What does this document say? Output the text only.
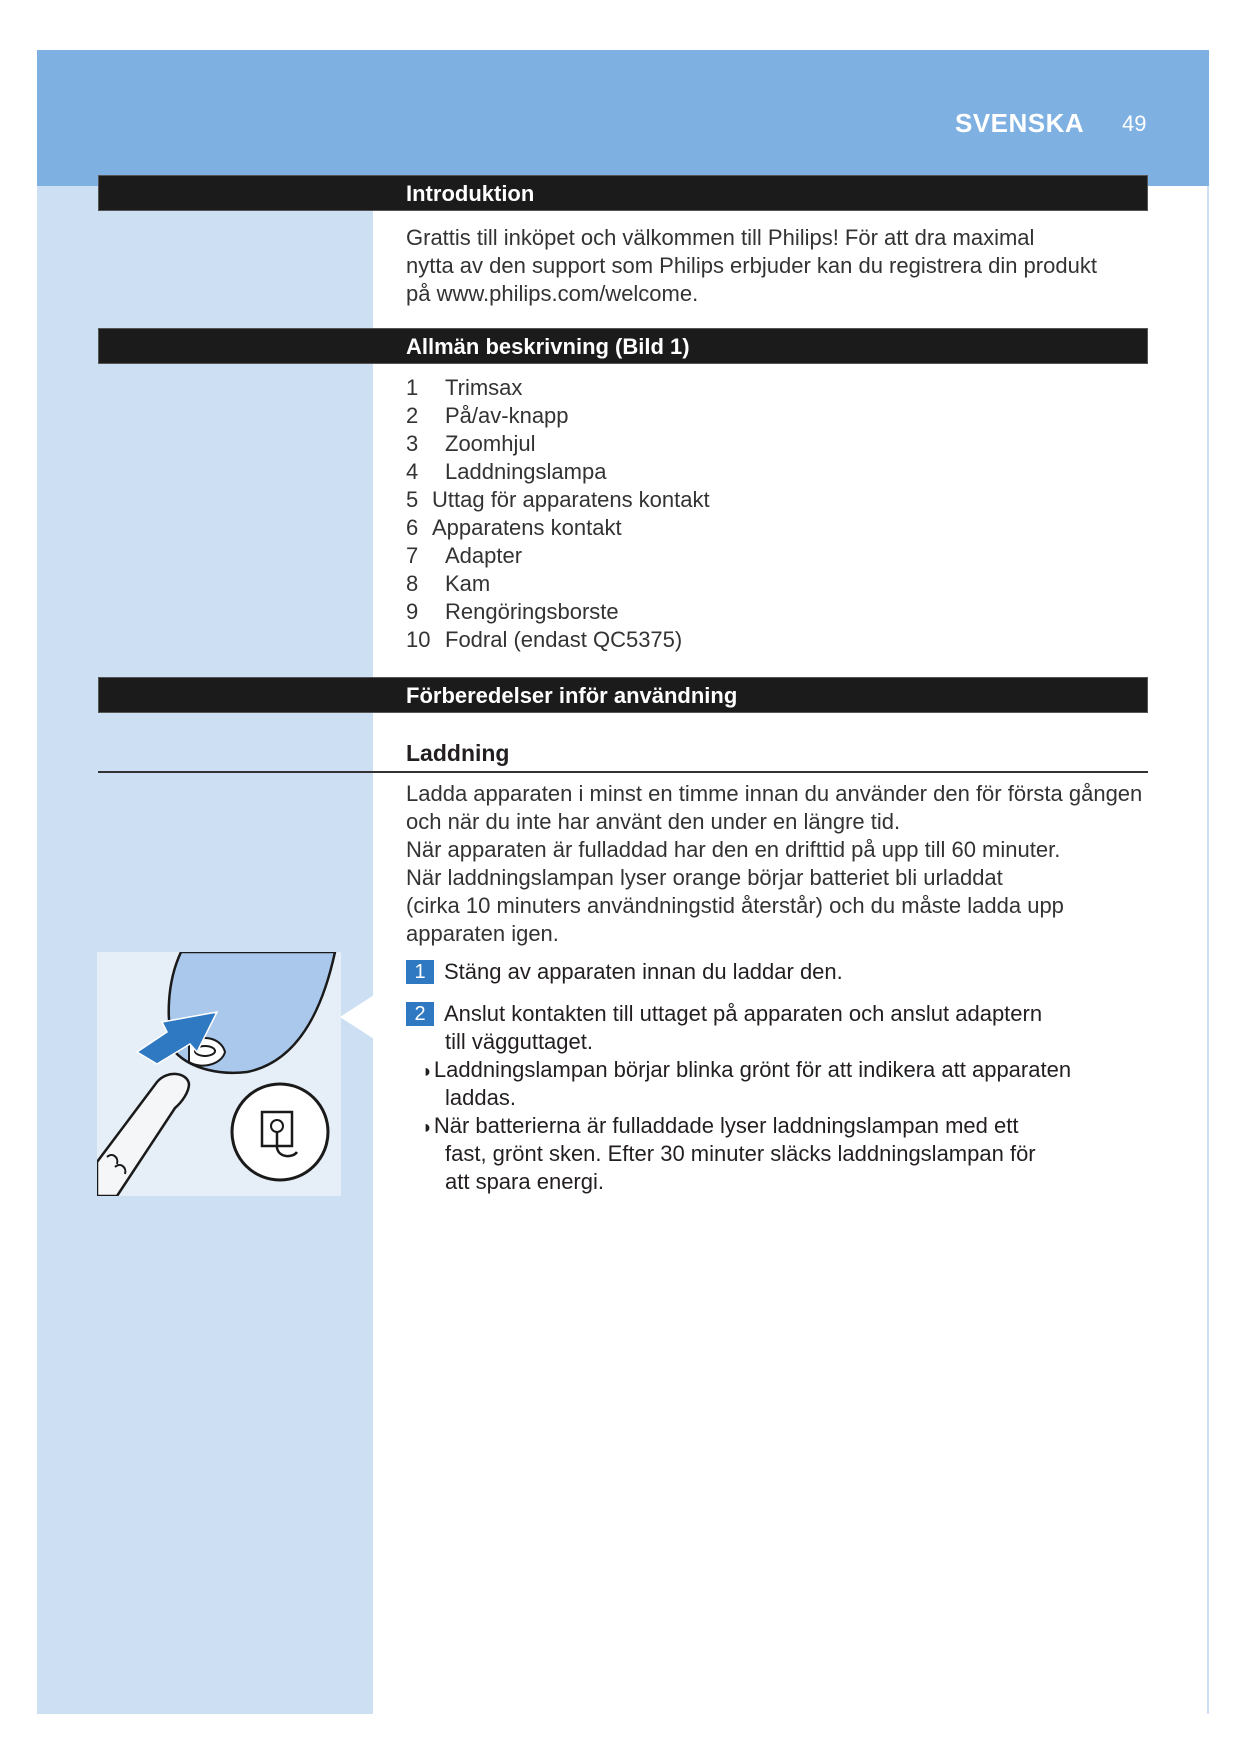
SVENSKA 49
Introduktion
Grattis till inköpet och välkommen till Philips! För att dra maximal
nytta av den support som Philips erbjuder kan du registrera din produkt
på www.philips.com/welcome.
Allmän beskrivning (Bild 1)
1 Trimsax
2 På/av-knapp
3 Zoomhjul
4 Laddningslampa
5 Uttag för apparatens kontakt
6 Apparatens kontakt
7 Adapter
8 Kam
9 Rengöringsborste
10 Fodral (endast QC5375)
Förberedelser inför användning
Laddning
Ladda apparaten i minst en timme innan du använder den för första gången
och när du inte har använt den under en längre tid.
När apparaten är fulladdad har den en drifttid på upp till 60 minuter.
När laddningslampan lyser orange börjar batteriet bli urladdat
(cirka 10 minuters användningstid återstår) och du måste ladda upp
apparaten igen.
1 Stäng av apparaten innan du laddar den.
2 Anslut kontakten till uttaget på apparaten och anslut adaptern
till vägguttaget.
◗Laddningslampan börjar blinka grönt för att indikera att apparaten
laddas.
◗När batterierna är fulladdade lyser laddningslampan med ett
fast, grönt sken. Efter 30 minuter släcks laddningslampan för
att spara energi.
